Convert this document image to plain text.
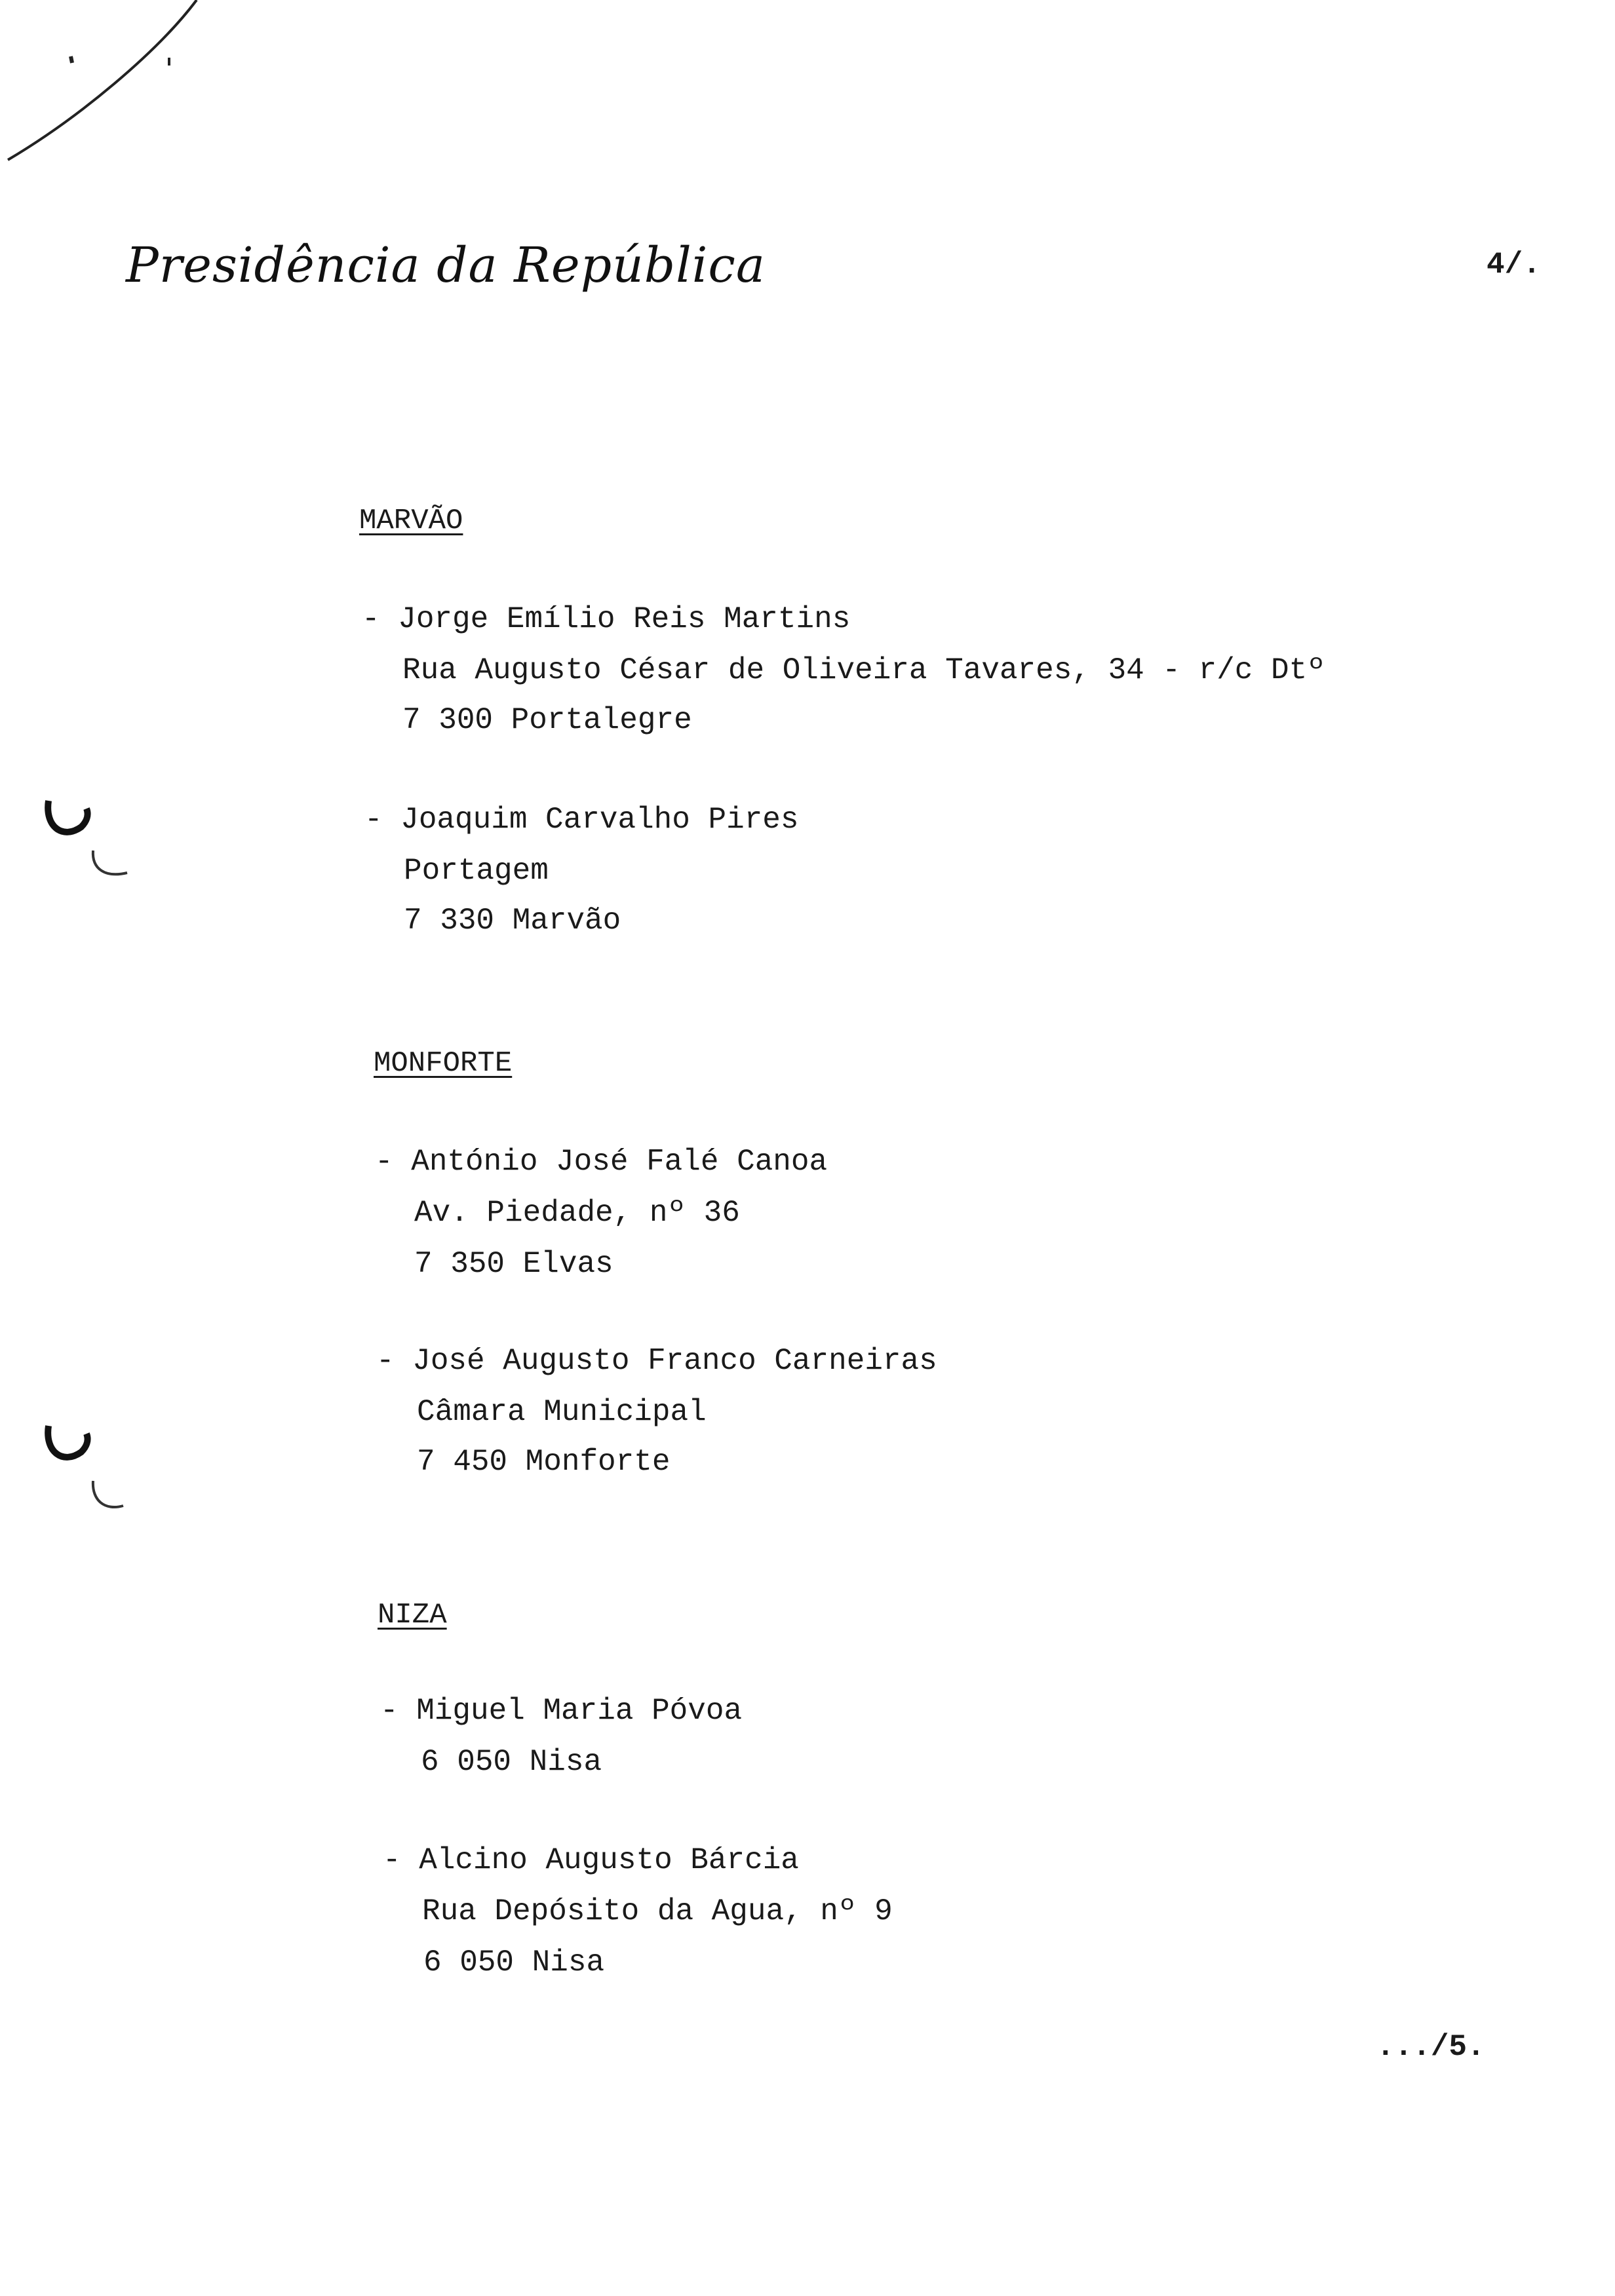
Presidência da República	4/.
MARVÃO
- Jorge Emílio Reis Martins
Rua Augusto César de Oliveira Tavares, 34 - r/c Dtº
7 300 Portalegre
- Joaquim Carvalho Pires
Portagem
7 330 Marvão
MONFORTE
- António José Falé Canoa
Av. Piedade, nº 36
7 350 Elvas
- José Augusto Franco Carneiras
Câmara Municipal
7 450 Monforte
NIZA
- Miguel Maria Póvoa
6 050 Nisa
- Alcino Augusto Bárcia
Rua Depósito da Agua, nº 9
6 050 Nisa
.../5.
